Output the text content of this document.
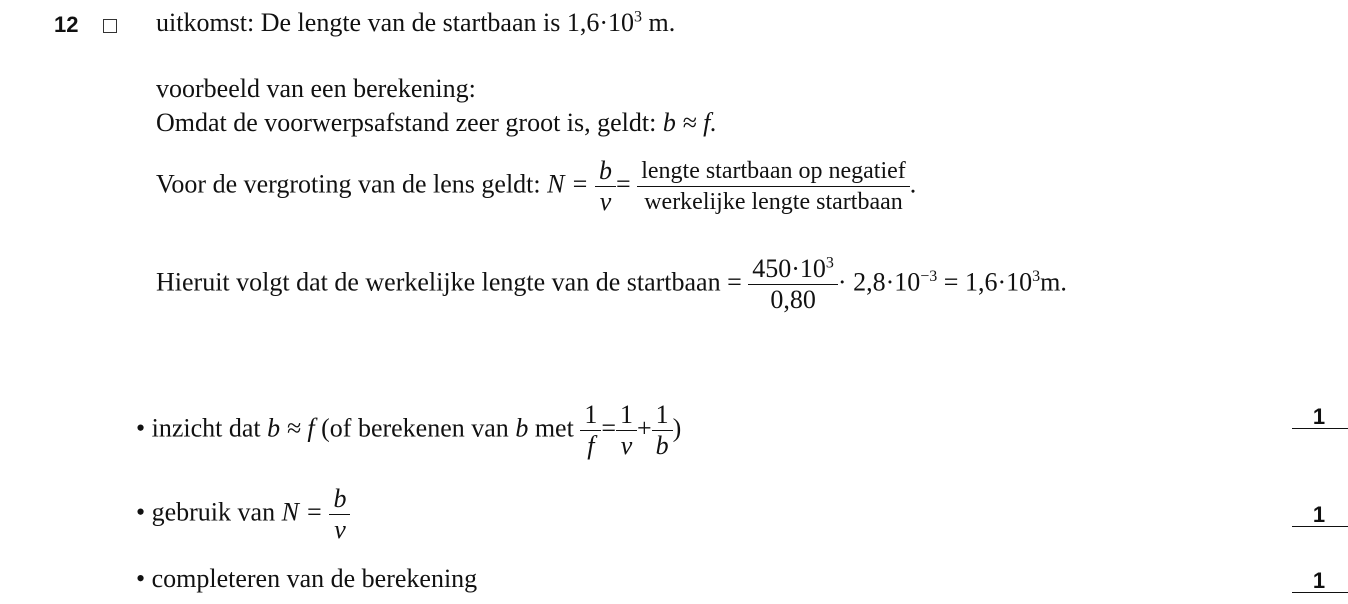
12	uitkomst: De lengte van de startbaan is $1,6\cdot 10^3$ m.
voorbeeld van een berekening:
Omdat de voorwerpsafstand zeer groot is, geldt: b ≈ f.
Voor de vergroting van de lens geldt: $N = \frac{b}{v} = \frac{\text{lengte startbaan op negatief}}{\text{werkelijke lengte startbaan}}$ .
Hieruit volgt dat de werkelijke lengte van de startbaan = $\frac{450\cdot 10^3}{0,80} \cdot 2,8\cdot 10^{-3} = 1,6\cdot 10^3m$.
• inzicht dat b ≈ f (of berekenen van b met $\frac{1}{f} = \frac{1}{v} + \frac{1}{b}$ )	1
• gebruik van $N = \frac{b}{v}$	1
• completeren van de berekening	1
